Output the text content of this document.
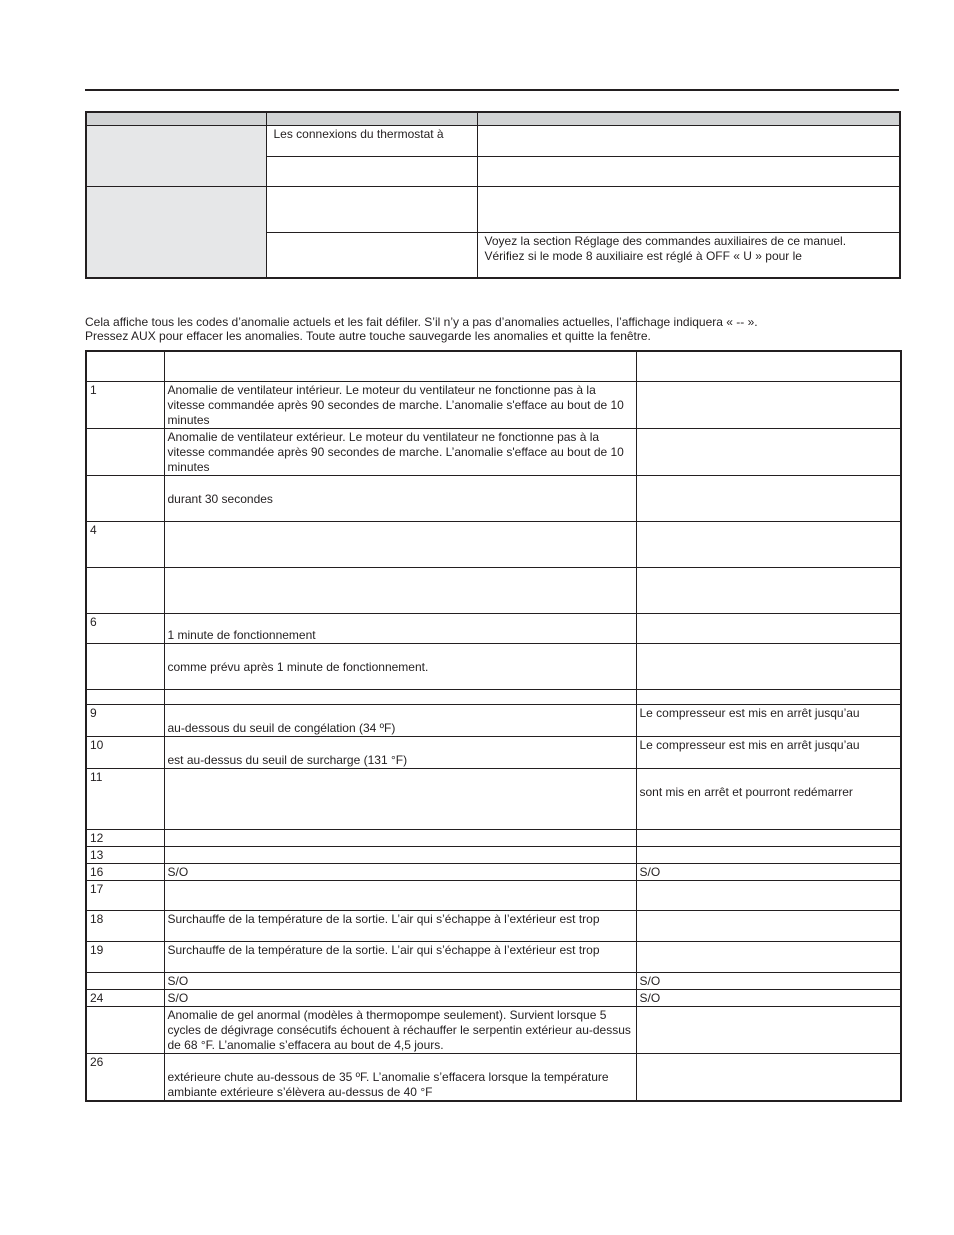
	Les connexions du thermostat à	

		Voyez la section Réglage des commandes auxiliaires de ce manuel.
Vérifiez si le mode 8 auxiliaire est réglé à OFF « U » pour le
Cela affiche tous les codes d’anomalie actuels et les fait défiler. S’il n’y a pas d’anomalies actuelles, l’affichage indiquera « -- ».
Pressez AUX pour effacer les anomalies. Toute autre touche sauvegarde les anomalies et quitte la fenêtre.

1	Anomalie de ventilateur intérieur. Le moteur du ventilateur ne fonctionne pas à la vitesse commandée après 90 secondes de marche. L’anomalie s'efface au bout de 10 minutes	
	Anomalie de ventilateur extérieur. Le moteur du ventilateur ne fonctionne pas à la vitesse commandée après 90 secondes de marche. L’anomalie s'efface au bout de 10 minutes	
	durant 30 secondes	
4		

6	1 minute de fonctionnement	
	comme prévu après 1 minute de fonctionnement.	

9	au-dessous du seuil de congélation (34 ºF)	Le compresseur est mis en arrêt jusqu’au
10	est au-dessus du seuil de surcharge (131 °F)	Le compresseur est mis en arrêt jusqu’au
11		sont mis en arrêt et pourront redémarrer
12		
13		
16	S/O	S/O
17		
18	Surchauffe de la température de la sortie. L’air qui s’échappe à l’extérieur est trop	
19	Surchauffe de la température de la sortie. L’air qui s’échappe à l’extérieur est trop	
	S/O	S/O
24	S/O	S/O
	Anomalie de gel anormal (modèles à thermopompe seulement). Survient lorsque 5 cycles de dégivrage consécutifs échouent à réchauffer le serpentin extérieur au-dessus de 68 °F. L’anomalie s’effacera au bout de 4,5 jours.	
26	extérieure chute au-dessous de 35 ºF. L’anomalie s’effacera lorsque la température ambiante extérieure s’élèvera au-dessus de 40 °F	
